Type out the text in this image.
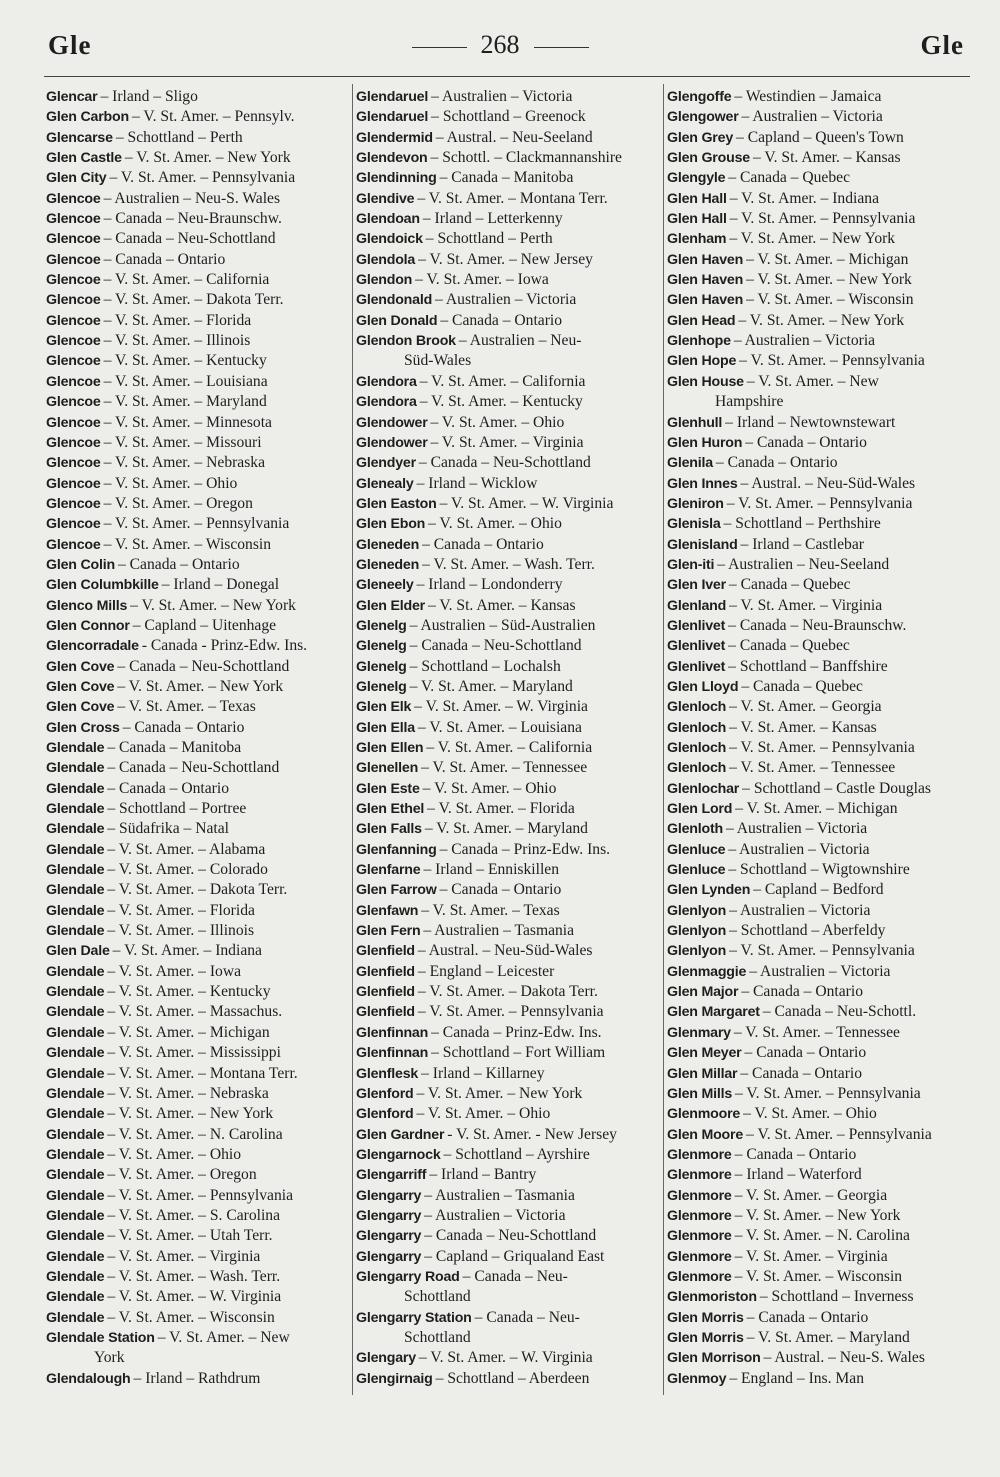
Gle	268	Gle
Glencar – Irland – Sligo
Glen Carbon – V. St. Amer. – Pennsylv.
Glencarse – Schottland – Perth
Glen Castle – V. St. Amer. – New York
Glen City – V. St. Amer. – Pennsylvania
Glencoe – Australien – Neu-S. Wales
Glencoe – Canada – Neu-Braunschw.
Glencoe – Canada – Neu-Schottland
Glencoe – Canada – Ontario
Glencoe – V. St. Amer. – California
Glencoe – V. St. Amer. – Dakota Terr.
Glencoe – V. St. Amer. – Florida
Glencoe – V. St. Amer. – Illinois
Glencoe – V. St. Amer. – Kentucky
Glencoe – V. St. Amer. – Louisiana
Glencoe – V. St. Amer. – Maryland
Glencoe – V. St. Amer. – Minnesota
Glencoe – V. St. Amer. – Missouri
Glencoe – V. St. Amer. – Nebraska
Glencoe – V. St. Amer. – Ohio
Glencoe – V. St. Amer. – Oregon
Glencoe – V. St. Amer. – Pennsylvania
Glencoe – V. St. Amer. – Wisconsin
Glen Colin – Canada – Ontario
Glen Columbkille – Irland – Donegal
Glenco Mills – V. St. Amer. – New York
Glen Connor – Capland – Uitenhage
Glencorradale - Canada - Prinz-Edw. Ins.
Glen Cove – Canada – Neu-Schottland
Glen Cove – V. St. Amer. – New York
Glen Cove – V. St. Amer. – Texas
Glen Cross – Canada – Ontario
Glendale – Canada – Manitoba
Glendale – Canada – Neu-Schottland
Glendale – Canada – Ontario
Glendale – Schottland – Portree
Glendale – Südafrika – Natal
Glendale – V. St. Amer. – Alabama
Glendale – V. St. Amer. – Colorado
Glendale – V. St. Amer. – Dakota Terr.
Glendale – V. St. Amer. – Florida
Glendale – V. St. Amer. – Illinois
Glen Dale – V. St. Amer. – Indiana
Glendale – V. St. Amer. – Iowa
Glendale – V. St. Amer. – Kentucky
Glendale – V. St. Amer. – Massachus.
Glendale – V. St. Amer. – Michigan
Glendale – V. St. Amer. – Mississippi
Glendale – V. St. Amer. – Montana Terr.
Glendale – V. St. Amer. – Nebraska
Glendale – V. St. Amer. – New York
Glendale – V. St. Amer. – N. Carolina
Glendale – V. St. Amer. – Ohio
Glendale – V. St. Amer. – Oregon
Glendale – V. St. Amer. – Pennsylvania
Glendale – V. St. Amer. – S. Carolina
Glendale – V. St. Amer. – Utah Terr.
Glendale – V. St. Amer. – Virginia
Glendale – V. St. Amer. – Wash. Terr.
Glendale – V. St. Amer. – W. Virginia
Glendale – V. St. Amer. – Wisconsin
Glendale Station – V. St. Amer. – New
York
Glendalough – Irland – Rathdrum
Glendaruel – Australien – Victoria
Glendaruel – Schottland – Greenock
Glendermid – Austral. – Neu-Seeland
Glendevon – Schottl. – Clackmannanshire
Glendinning – Canada – Manitoba
Glendive – V. St. Amer. – Montana Terr.
Glendoan – Irland – Letterkenny
Glendoick – Schottland – Perth
Glendola – V. St. Amer. – New Jersey
Glendon – V. St. Amer. – Iowa
Glendonald – Australien – Victoria
Glen Donald – Canada – Ontario
Glendon Brook – Australien – Neu-
Süd-Wales
Glendora – V. St. Amer. – California
Glendora – V. St. Amer. – Kentucky
Glendower – V. St. Amer. – Ohio
Glendower – V. St. Amer. – Virginia
Glendyer – Canada – Neu-Schottland
Glenealy – Irland – Wicklow
Glen Easton – V. St. Amer. – W. Virginia
Glen Ebon – V. St. Amer. – Ohio
Gleneden – Canada – Ontario
Gleneden – V. St. Amer. – Wash. Terr.
Gleneely – Irland – Londonderry
Glen Elder – V. St. Amer. – Kansas
Glenelg – Australien – Süd-Australien
Glenelg – Canada – Neu-Schottland
Glenelg – Schottland – Lochalsh
Glenelg – V. St. Amer. – Maryland
Glen Elk – V. St. Amer. – W. Virginia
Glen Ella – V. St. Amer. – Louisiana
Glen Ellen – V. St. Amer. – California
Glenellen – V. St. Amer. – Tennessee
Glen Este – V. St. Amer. – Ohio
Glen Ethel – V. St. Amer. – Florida
Glen Falls – V. St. Amer. – Maryland
Glenfanning – Canada – Prinz-Edw. Ins.
Glenfarne – Irland – Enniskillen
Glen Farrow – Canada – Ontario
Glenfawn – V. St. Amer. – Texas
Glen Fern – Australien – Tasmania
Glenfield – Austral. – Neu-Süd-Wales
Glenfield – England – Leicester
Glenfield – V. St. Amer. – Dakota Terr.
Glenfield – V. St. Amer. – Pennsylvania
Glenfinnan – Canada – Prinz-Edw. Ins.
Glenfinnan – Schottland – Fort William
Glenflesk – Irland – Killarney
Glenford – V. St. Amer. – New York
Glenford – V. St. Amer. – Ohio
Glen Gardner - V. St. Amer. - New Jersey
Glengarnock – Schottland – Ayrshire
Glengarriff – Irland – Bantry
Glengarry – Australien – Tasmania
Glengarry – Australien – Victoria
Glengarry – Canada – Neu-Schottland
Glengarry – Capland – Griqualand East
Glengarry Road – Canada – Neu-
Schottland
Glengarry Station – Canada – Neu-
Schottland
Glengary – V. St. Amer. – W. Virginia
Glengirnaig – Schottland – Aberdeen
Glengoffe – Westindien – Jamaica
Glengower – Australien – Victoria
Glen Grey – Capland – Queen's Town
Glen Grouse – V. St. Amer. – Kansas
Glengyle – Canada – Quebec
Glen Hall – V. St. Amer. – Indiana
Glen Hall – V. St. Amer. – Pennsylvania
Glenham – V. St. Amer. – New York
Glen Haven – V. St. Amer. – Michigan
Glen Haven – V. St. Amer. – New York
Glen Haven – V. St. Amer. – Wisconsin
Glen Head – V. St. Amer. – New York
Glenhope – Australien – Victoria
Glen Hope – V. St. Amer. – Pennsylvania
Glen House – V. St. Amer. – New
Hampshire
Glenhull – Irland – Newtownstewart
Glen Huron – Canada – Ontario
Glenila – Canada – Ontario
Glen Innes – Austral. – Neu-Süd-Wales
Gleniron – V. St. Amer. – Pennsylvania
Glenisla – Schottland – Perthshire
Glenisland – Irland – Castlebar
Glen-iti – Australien – Neu-Seeland
Glen Iver – Canada – Quebec
Glenland – V. St. Amer. – Virginia
Glenlivet – Canada – Neu-Braunschw.
Glenlivet – Canada – Quebec
Glenlivet – Schottland – Banffshire
Glen Lloyd – Canada – Quebec
Glenloch – V. St. Amer. – Georgia
Glenloch – V. St. Amer. – Kansas
Glenloch – V. St. Amer. – Pennsylvania
Glenloch – V. St. Amer. – Tennessee
Glenlochar – Schottland – Castle Douglas
Glen Lord – V. St. Amer. – Michigan
Glenloth – Australien – Victoria
Glenluce – Australien – Victoria
Glenluce – Schottland – Wigtownshire
Glen Lynden – Capland – Bedford
Glenlyon – Australien – Victoria
Glenlyon – Schottland – Aberfeldy
Glenlyon – V. St. Amer. – Pennsylvania
Glenmaggie – Australien – Victoria
Glen Major – Canada – Ontario
Glen Margaret – Canada – Neu-Schottl.
Glenmary – V. St. Amer. – Tennessee
Glen Meyer – Canada – Ontario
Glen Millar – Canada – Ontario
Glen Mills – V. St. Amer. – Pennsylvania
Glenmoore – V. St. Amer. – Ohio
Glen Moore – V. St. Amer. – Pennsylvania
Glenmore – Canada – Ontario
Glenmore – Irland – Waterford
Glenmore – V. St. Amer. – Georgia
Glenmore – V. St. Amer. – New York
Glenmore – V. St. Amer. – N. Carolina
Glenmore – V. St. Amer. – Virginia
Glenmore – V. St. Amer. – Wisconsin
Glenmoriston – Schottland – Inverness
Glen Morris – Canada – Ontario
Glen Morris – V. St. Amer. – Maryland
Glen Morrison – Austral. – Neu-S. Wales
Glenmoy – England – Ins. Man
